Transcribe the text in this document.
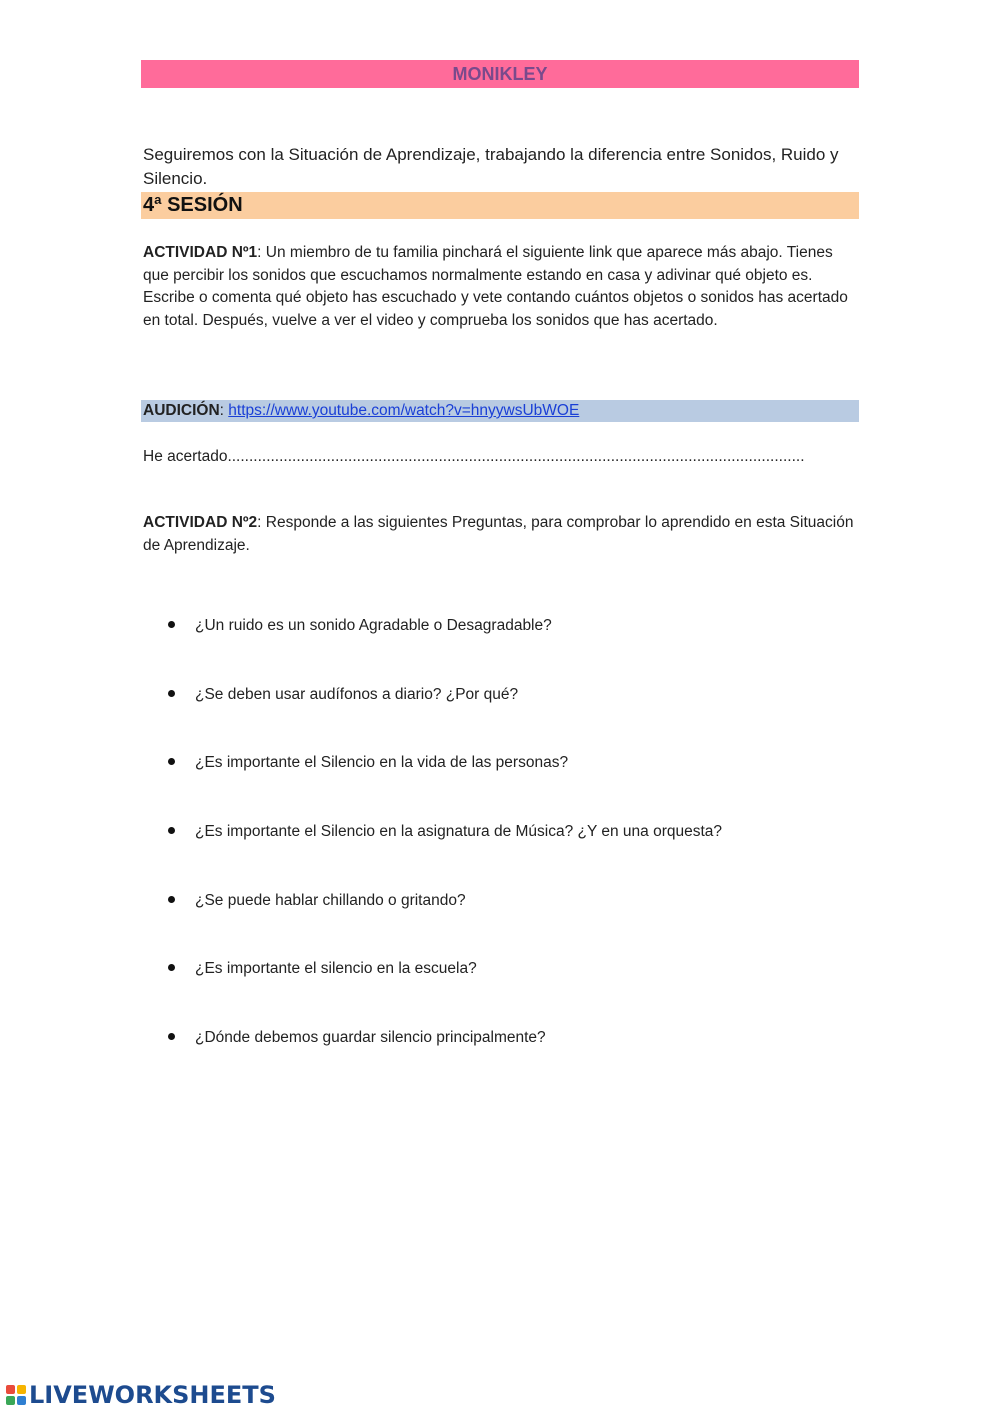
MONIKLEY
Seguiremos con la Situación de Aprendizaje, trabajando la diferencia entre Sonidos, Ruido y Silencio.
4ª SESIÓN
ACTIVIDAD Nº1: Un miembro de tu familia pinchará el siguiente link que aparece más abajo. Tienes que percibir los sonidos que escuchamos normalmente estando en casa y adivinar qué objeto es. Escribe o comenta qué objeto has escuchado y vete contando cuántos objetos o sonidos has acertado en total. Después, vuelve a ver el video y comprueba los sonidos que has acertado.
AUDICIÓN: https://www.youtube.com/watch?v=hnyywsUbWOE
He acertado......................................................................................................................................
ACTIVIDAD Nº2: Responde a las siguientes Preguntas, para comprobar lo aprendido en esta Situación de Aprendizaje.
¿Un ruido es un sonido Agradable o Desagradable?
¿Se deben usar audífonos a diario? ¿Por qué?
¿Es importante el Silencio en la vida de las personas?
¿Es importante el Silencio en la asignatura de Música? ¿Y en una orquesta?
¿Se puede hablar chillando o gritando?
¿Es importante el silencio en la escuela?
¿Dónde debemos guardar silencio principalmente?
LIVEWORKSHEETS
